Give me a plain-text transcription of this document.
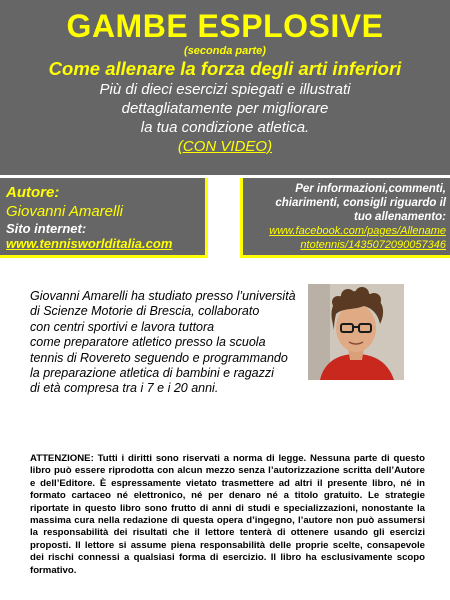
GAMBE ESPLOSIVE
(seconda parte)
Come allenare la forza degli arti inferiori
Più di dieci esercizi spiegati e illustrati
dettagliatamente per migliorare
la tua condizione atletica.
(CON VIDEO)
Autore:
Giovanni Amarelli
Sito internet:
www.tennisworlditalia.com
Per informazioni,commenti,
chiarimenti, consigli riguardo il
tuo allenamento:
www.facebook.com/pages/Allename
ntotennis/1435072090057346
Giovanni Amarelli ha studiato presso l’università
di Scienze Motorie di Brescia, collaborato
con centri sportivi e lavora tuttora
come preparatore atletico presso la scuola
tennis di Rovereto seguendo e programmando
la preparazione atletica di bambini e ragazzi
di età compresa tra i 7 e i 20 anni.
ATTENZIONE: Tutti i diritti sono riservati a norma di legge. Nessuna parte di questo libro può essere riprodotta con alcun mezzo senza l’autorizzazione scritta dell’Autore e dell’Editore. È espressamente vietato trasmettere ad altri il presente libro, né in formato cartaceo né elettronico, né per denaro né a titolo gratuito. Le strategie riportate in questo libro sono frutto di anni di studi e specializzazioni, nonostante la massima cura nella redazione di questa opera d’ingegno, l’autore non può assumersi la responsabilità dei risultati che il lettore tenterà di ottenere usando gli esercizi proposti. Il lettore si assume piena responsabilità delle proprie scelte, consapevole dei rischi connessi a qualsiasi forma di esercizio. Il libro ha esclusivamente scopo formativo.
